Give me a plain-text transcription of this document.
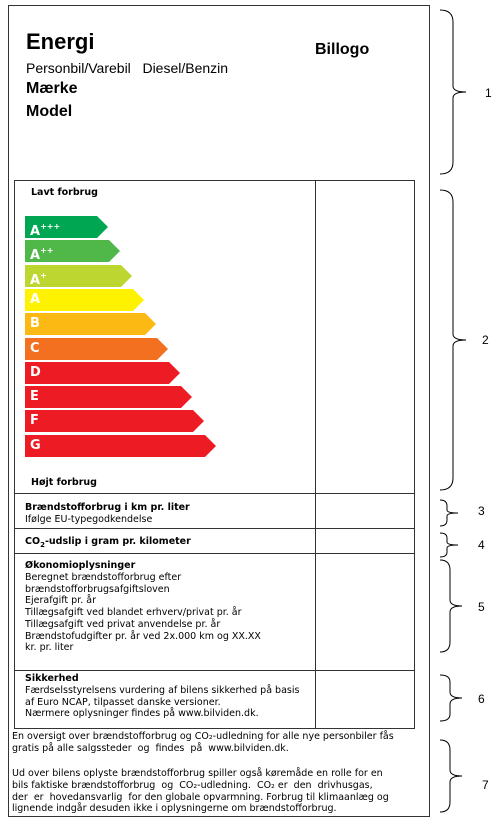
Energi
Personbil/Varebil   Diesel/Benzin
Mærke
Model
Billogo
Lavt forbrug
A+++
A++
A+
A
B
C
D
E
F
G
Højt forbrug
Brændstofforbrug i km pr. liter
Ifølge EU-typegodkendelse
$CO_2$-udslip i gram pr. kilometer
Økonomioplysninger
Beregnet brændstofforbrug efter
brændstofforbrugsafgiftsloven
Ejerafgift pr. år
Tillægsafgift ved blandet erhverv/privat pr. år
Tillægsafgift ved privat anvendelse pr. år
Brændstofudgifter pr. år ved 2x.000 km og XX.XX
kr. pr. liter
Sikkerhed
Færdselsstyrelsens vurdering af bilens sikkerhed på basis
af Euro NCAP, tilpasset danske versioner.
Nærmere oplysninger findes på www.bilviden.dk.
En oversigt over brændstofforbrug og CO₂-udledning for alle nye personbiler fås
gratis på alle salgssteder  og  findes  på  www.bilviden.dk.
Ud over bilens oplyste brændstofforbrug spiller også køremåde en rolle for en
bils faktiske brændstofforbrug  og  CO₂-udledning.  CO₂ er  den  drivhusgas,
der  er  hovedansvarlig  for den globale opvarmning. Forbrug til klimaanlæg og
lignende indgår desuden ikke i oplysningerne om brændstofforbrug.
1
2
3
4
5
6
7
